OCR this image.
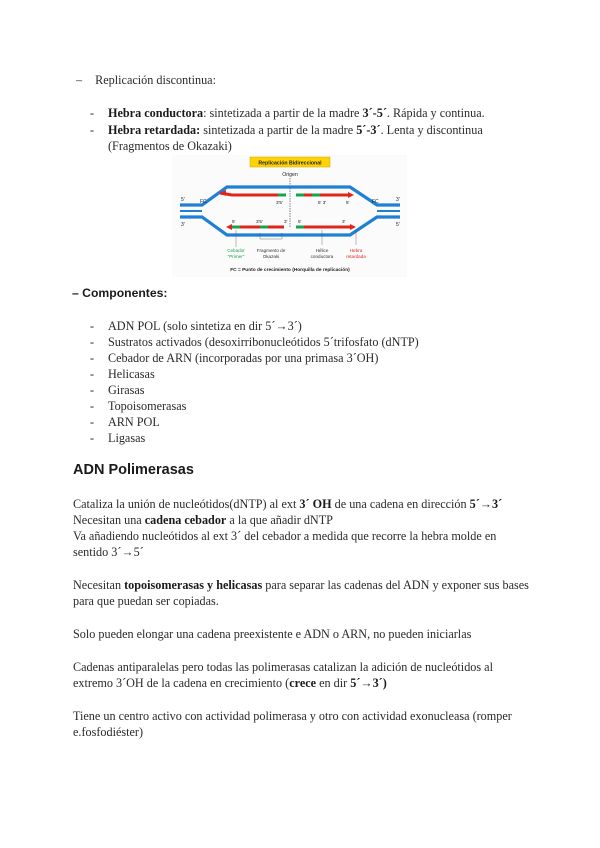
– Replicación discontinua:
- Hebra conductora: sintetizada a partir de la madre 3´-5´. Rápida y continua.
- Hebra retardada: sintetizada a partir de la madre 5´-3´. Lenta y discontinua
(Fragmentos de Okazaki)
Replicación Bidireccional
Origen
5'
3'
3'
5'
FC	FC
3'5'	6' 3'	5'
5'	3'5'	3' 5'	3'
Cebador
"Primer"
Fragmento de
Okazaki
Hélice
conductora
Hebra
retardada
FC = Punto de crecimiento (Horquilla de replicación)
– Componentes:
- ADN POL (solo sintetiza en dir 5´→3´)
- Sustratos activados (desoxirribonucleótidos 5´trifosfato (dNTP)
- Cebador de ARN (incorporadas por una primasa 3´OH)
- Helicasas
- Girasas
- Topoisomerasas
- ARN POL
- Ligasas
ADN Polimerasas

Cataliza la unión de nucleótidos(dNTP) al ext 3´ OH de una cadena en dirección 5´→3´
Necesitan una cadena cebador a la que añadir dNTP
Va añadiendo nucleótidos al ext 3´ del cebador a medida que recorre la hebra molde en sentido 3´→5´

Necesitan topoisomerasas y helicasas para separar las cadenas del ADN y exponer sus bases para que puedan ser copiadas.

Solo pueden elongar una cadena preexistente e ADN o ARN, no pueden iniciarlas

Cadenas antiparalelas pero todas las polimerasas catalizan la adición de nucleótidos al extremo 3´OH de la cadena en crecimiento (crece en dir 5´→3´)

Tiene un centro activo con actividad polimerasa y otro con actividad exonucleasa (romper e.fosfodiéster)
